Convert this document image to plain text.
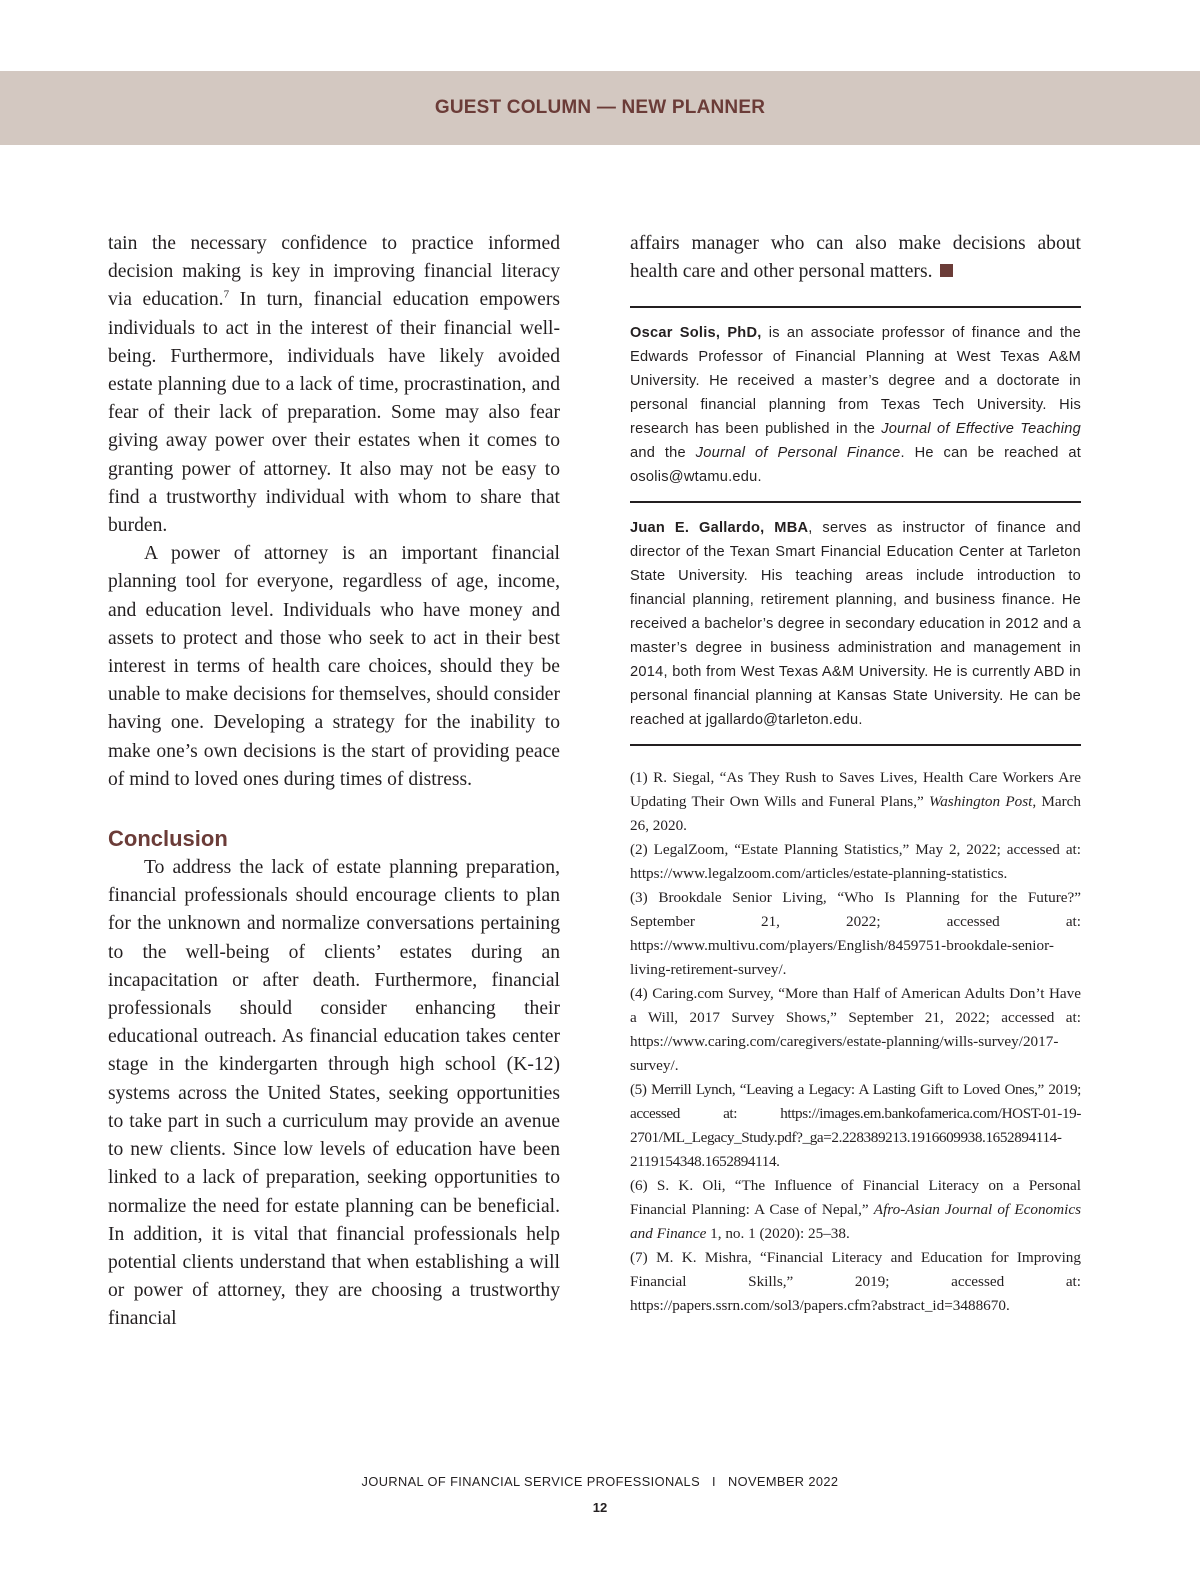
GUEST COLUMN — NEW PLANNER

tain the necessary confidence to practice informed decision making is key in improving financial literacy via education.$^7$ In turn, financial education empowers individuals to act in the interest of their financial well-being. Furthermore, individuals have likely avoided estate planning due to a lack of time, procrastination, and fear of their lack of preparation. Some may also fear giving away power over their estates when it comes to granting power of attorney. It also may not be easy to find a trustworthy individual with whom to share that burden.

A power of attorney is an important financial planning tool for everyone, regardless of age, income, and education level. Individuals who have money and assets to protect and those who seek to act in their best interest in terms of health care choices, should they be unable to make decisions for themselves, should consider having one. Developing a strategy for the inability to make one’s own decisions is the start of providing peace of mind to loved ones during times of distress.

Conclusion

To address the lack of estate planning preparation, financial professionals should encourage clients to plan for the unknown and normalize conversations pertaining to the well-being of clients’ estates during an incapacitation or after death. Furthermore, financial professionals should consider enhancing their educational outreach. As financial education takes center stage in the kindergarten through high school (K-12) systems across the United States, seeking opportunities to take part in such a curriculum may provide an avenue to new clients. Since low levels of education have been linked to a lack of preparation, seeking opportunities to normalize the need for estate planning can be beneficial. In addition, it is vital that financial professionals help potential clients understand that when establishing a will or power of attorney, they are choosing a trustworthy financial

affairs manager who can also make decisions about health care and other personal matters.

Oscar Solis, PhD, is an associate professor of finance and the Edwards Professor of Financial Planning at West Texas A&M University. He received a master’s degree and a doctorate in personal financial planning from Texas Tech University. His research has been published in the Journal of Effective Teaching and the Journal of Personal Finance. He can be reached at osolis@wtamu.edu.

Juan E. Gallardo, MBA, serves as instructor of finance and director of the Texan Smart Financial Education Center at Tarleton State University. His teaching areas include introduction to financial planning, retirement planning, and business finance. He received a bachelor’s degree in secondary education in 2012 and a master’s degree in business administration and management in 2014, both from West Texas A&M University. He is currently ABD in personal financial planning at Kansas State University. He can be reached at jgallardo@tarleton.edu.

(1) R. Siegal, “As They Rush to Saves Lives, Health Care Workers Are Updating Their Own Wills and Funeral Plans,” Washington Post, March 26, 2020.

(2) LegalZoom, “Estate Planning Statistics,” May 2, 2022; accessed at: https://www.legalzoom.com/articles/estate-planning-statistics.

(3) Brookdale Senior Living, “Who Is Planning for the Future?” September 21, 2022; accessed at: https://www.multivu.com/players/English/8459751-brookdale-senior-living-retirement-survey/.

(4) Caring.com Survey, “More than Half of American Adults Don’t Have a Will, 2017 Survey Shows,” September 21, 2022; accessed at: https://www.caring.com/caregivers/estate-planning/wills-survey/2017-survey/.

(5) Merrill Lynch, “Leaving a Legacy: A Lasting Gift to Loved Ones,” 2019; accessed at: https://images.em.bankofamerica.com/HOST-01-19-2701/ML_Legacy_Study.pdf?_ga=2.228389213.1916609938.1652894114-2119154348.1652894114.

(6) S. K. Oli, “The Influence of Financial Literacy on a Personal Financial Planning: A Case of Nepal,” Afro-Asian Journal of Economics and Finance 1, no. 1 (2020): 25–38.

(7) M. K. Mishra, “Financial Literacy and Education for Improving Financial Skills,” 2019; accessed at: https://papers.ssrn.com/sol3/papers.cfm?abstract_id=3488670.

JOURNAL OF FINANCIAL SERVICE PROFESSIONALS I NOVEMBER 2022
12
